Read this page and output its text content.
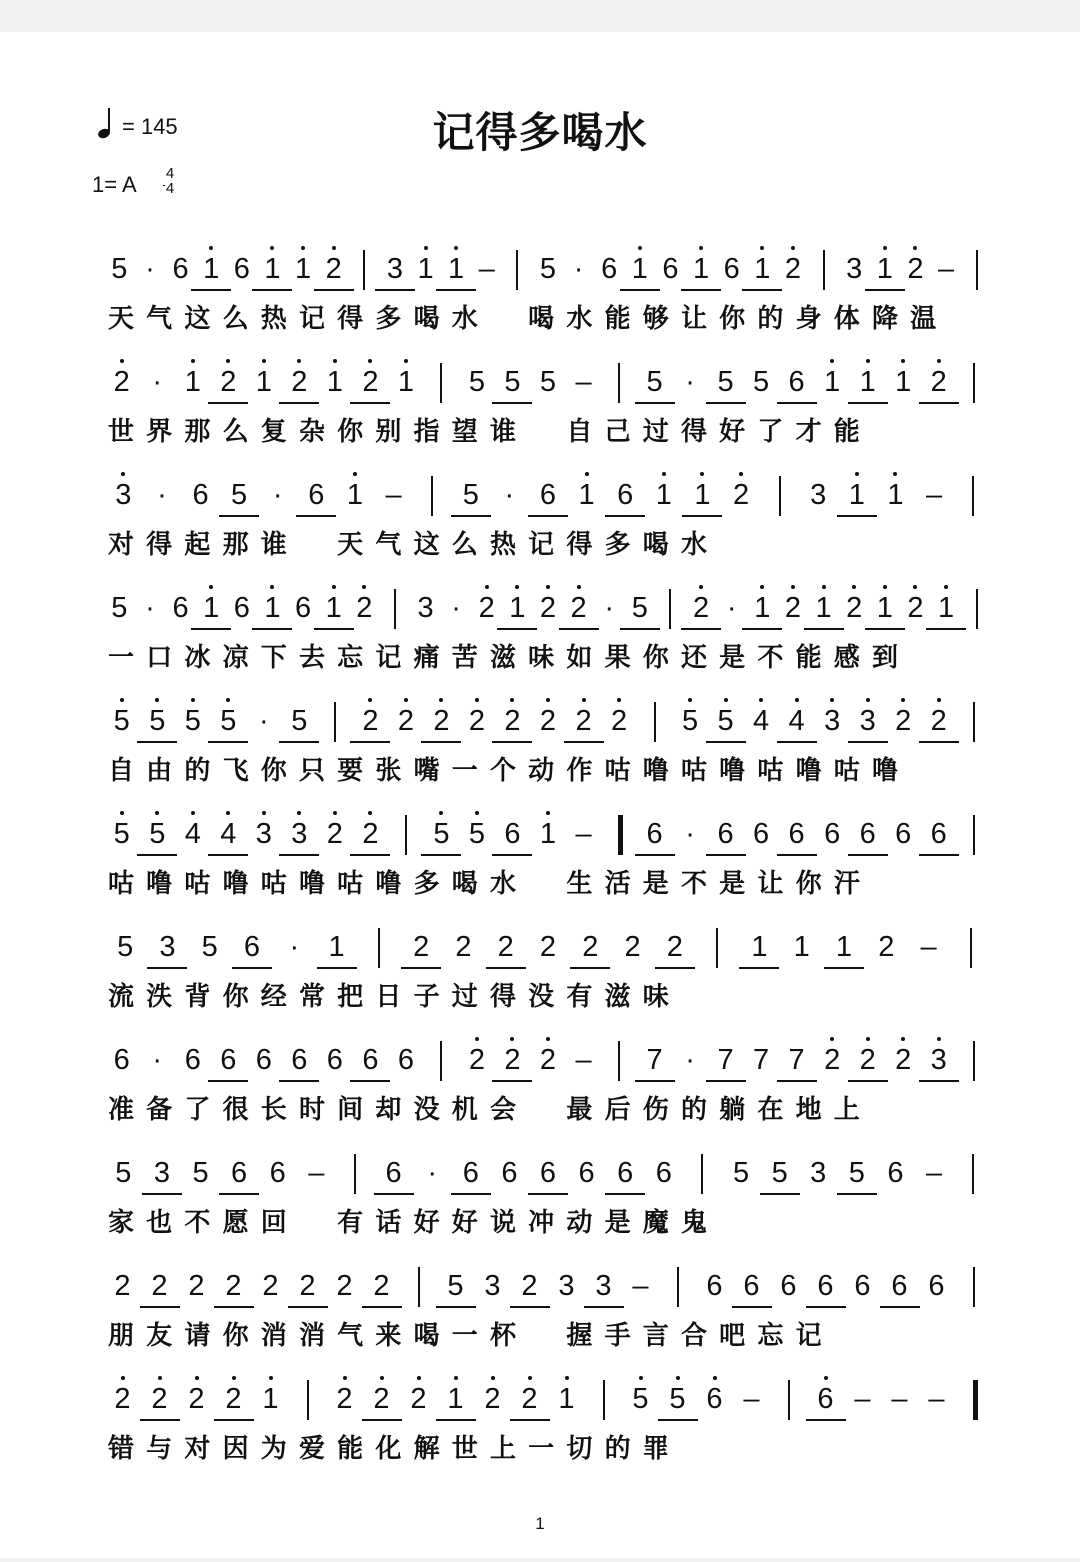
= 145	记得多喝水
1= A 4
4
5 · 6 1 6 1 1 2 3 1 1 – 5 · 6 1 6 1 6 1 2 3 1 2 –
天 气 这 么 热 记 得 多 喝 水 喝 水 能 够 让 你 的 身 体 降 温
2 · 1 2 1 2 1 2 1 5 5 5 – 5 · 5 5 6 1 1 1 2
世 界 那 么 复 杂 你 别 指 望 谁 自 己 过 得 好 了 才 能
3 · 6 5 · 6 1 – 5 · 6 1 6 1 1 2 3 1 1 –
对 得 起 那 谁 天 气 这 么 热 记 得 多 喝 水
5 · 6 1 6 1 6 1 2 3 · 2 1 2 2 · 5 2 · 1 2 1 2 1 2 1
一 口 冰 凉 下 去 忘 记 痛 苦 滋 味 如 果 你 还 是 不 能 感 到
5 5 5 5 · 5 2 2 2 2 2 2 2 2 5 5 4 4 3 3 2 2
自 由 的 飞 你 只 要 张 嘴 一 个 动 作 咕 噜 咕 噜 咕 噜 咕 噜
5 5 4 4 3 3 2 2 5 5 6 1 – 6 · 6 6 6 6 6 6 6
咕 噜 咕 噜 咕 噜 咕 噜 多 喝 水 生 活 是 不 是 让 你 汗
5 3 5 6 · 1 2 2 2 2 2 2 2 1 1 1 2 –
流 泆 背 你 经 常 把 日 子 过 得 没 有 滋 味
6 · 6 6 6 6 6 6 6 2 2 2 – 7 · 7 7 7 2 2 2 3
准 备 了 很 长 时 间 却 没 机 会 最 后 伤 的 躺 在 地 上
5 3 5 6 6 – 6 · 6 6 6 6 6 6 5 5 3 5 6 –
家 也 不 愿 回 有 话 好 好 说 冲 动 是 魔 鬼
2 2 2 2 2 2 2 2 5 3 2 3 3 – 6 6 6 6 6 6 6
朋 友 请 你 消 消 气 来 喝 一 杯 握 手 言 合 吧 忘 记
2 2 2 2 1 2 2 2 1 2 2 1 5 5 6 – 6 – – –
错 与 对 因 为 爱 能 化 解 世 上 一 切 的 罪
1
